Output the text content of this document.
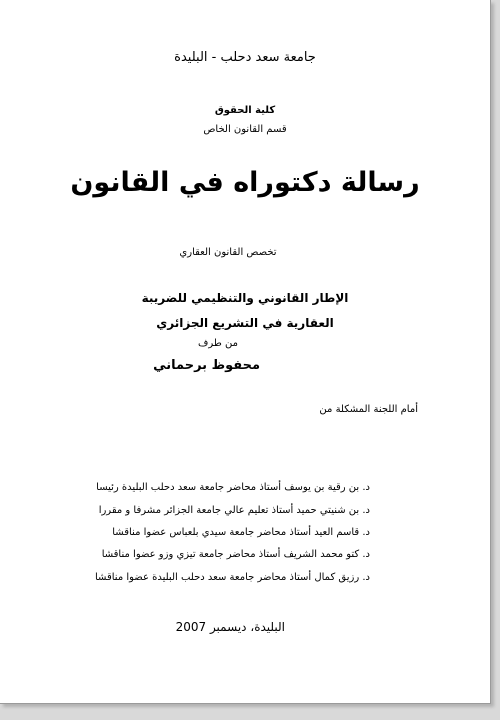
جامعة سعد دحلب - البليدة
كلية الحقوق
قسم القانون الخاص
رسالة دكتوراه في القانون
تخصص القانون العقاري
الإطار القانوني والتنظيمي للضريبة
العقارية في التشريع الجزائري
من طرف
محفوظ برحماني
أمام اللجنة المشكلة من
د. بن رقية بن يوسف أستاذ محاضر جامعة سعد دحلب البليدة رئيسا
د. بن شنيتي حميد أستاذ تعليم عالي جامعة الجزائر مشرفا و مقررا
د. قاسم العيد أستاذ محاضر جامعة سيدي بلعباس عضوا مناقشا
د. كتو محمد الشريف أستاذ محاضر جامعة تيزي وزو عضوا مناقشا
د. رزيق كمال أستاذ محاضر جامعة سعد دحلب البليدة عضوا مناقشا
البليدة، ديسمبر 2007
